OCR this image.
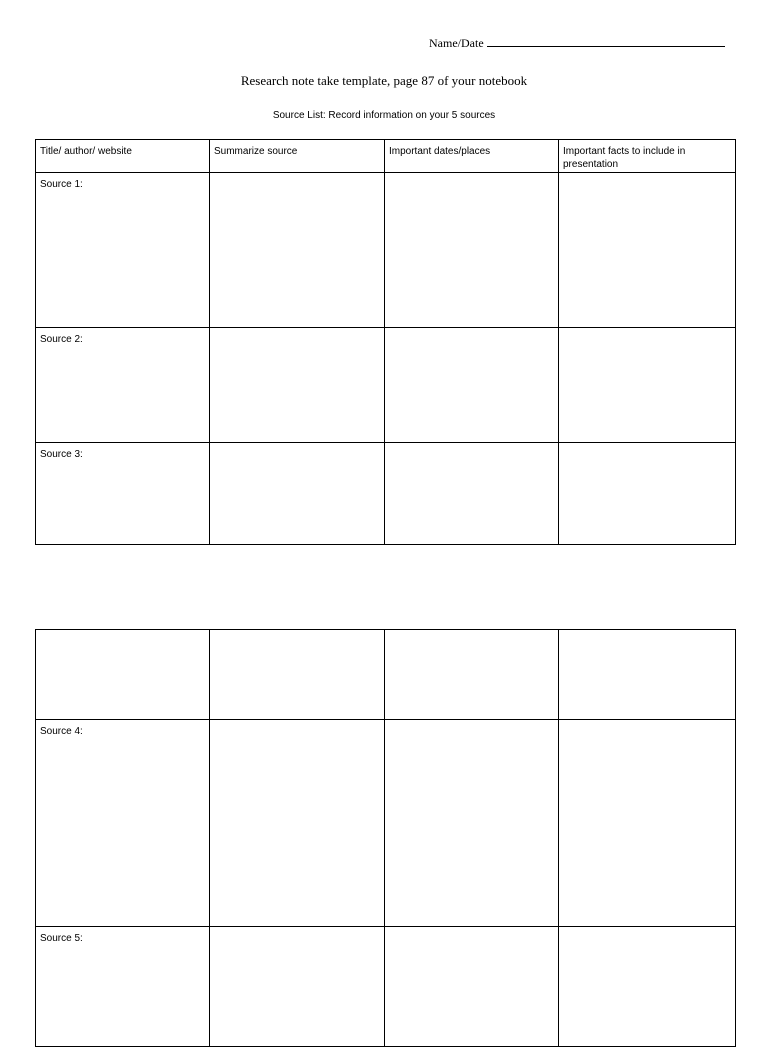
Name/Date
Research note take template, page 87 of your notebook
Source List: Record information on your 5 sources
Title/ author/ website	Summarize source	Important dates/places	Important facts to include in presentation
Source 1:			
Source 2:			
Source 3:			

Source 4:			
Source 5:			
